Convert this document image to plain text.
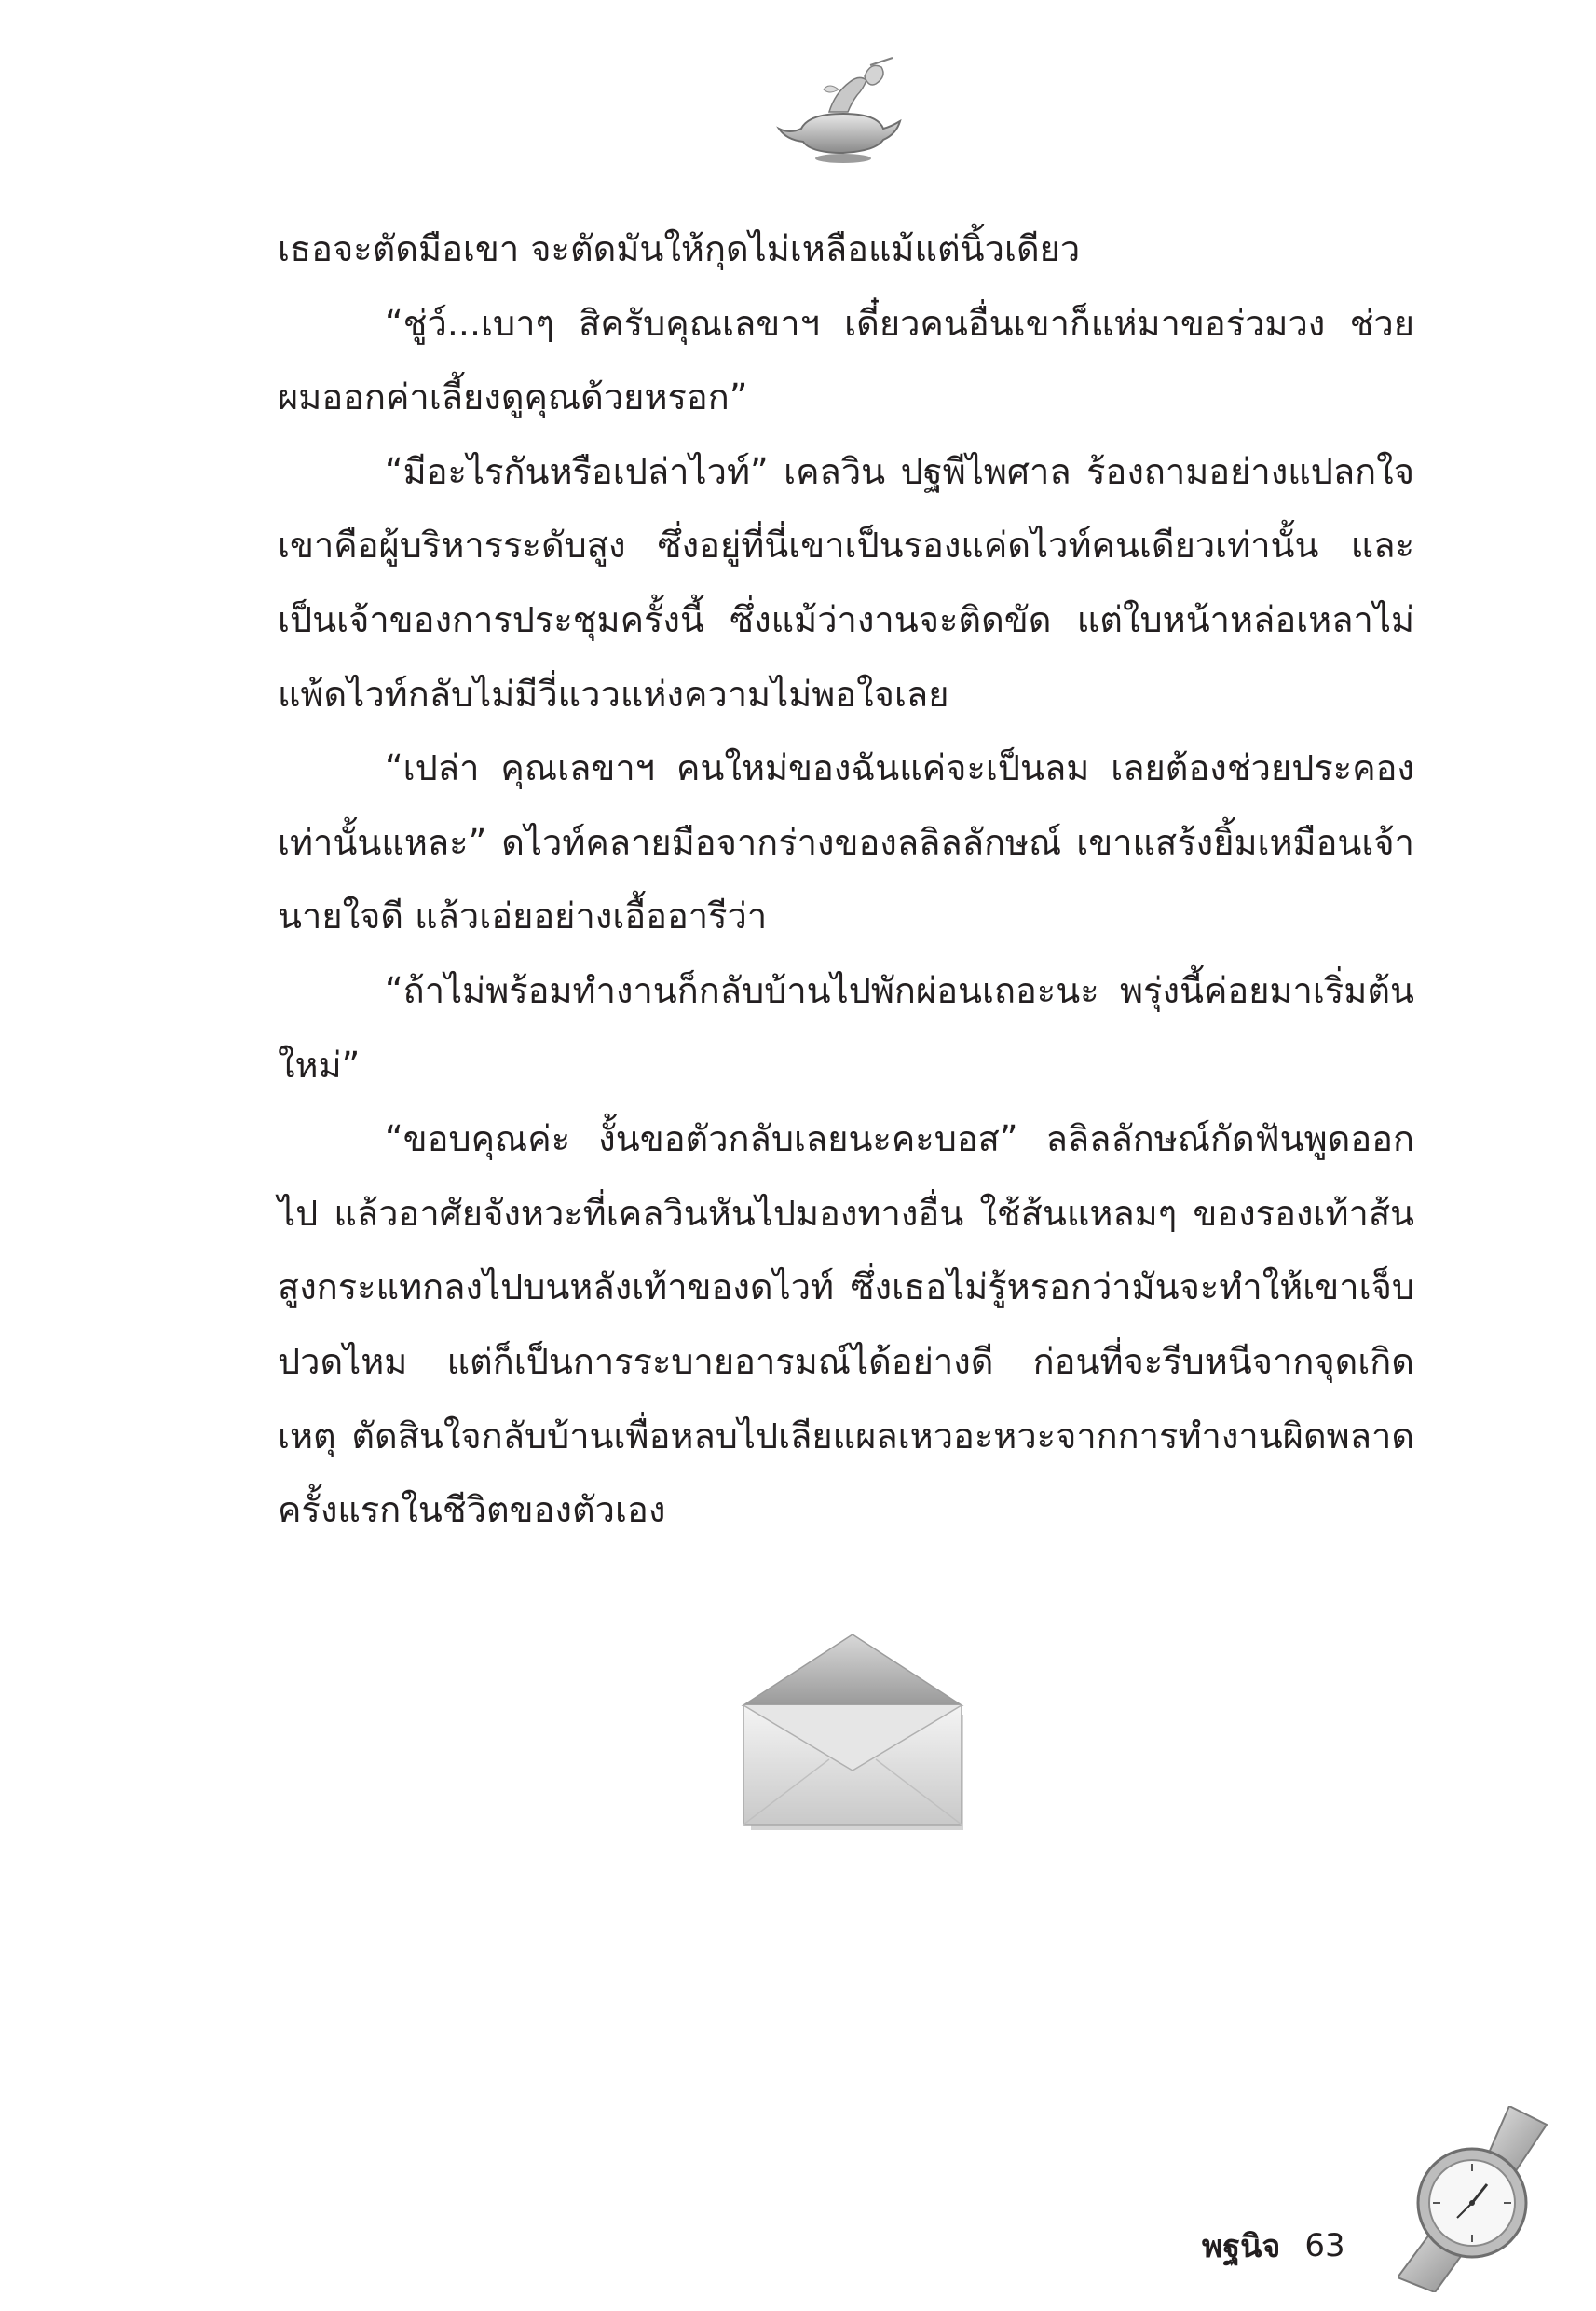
เธอจะตัดมือเขา จะตัดมันให้กุดไม่เหลือแม้แต่นิ้วเดียว

“ชู่ว์...เบาๆ สิครับคุณเลขาฯ เดี๋ยวคนอื่นเขาก็แห่มาขอร่วมวง ช่วยผมออกค่าเลี้ยงดูคุณด้วยหรอก”

“มีอะไรกันหรือเปล่าไวท์” เคลวิน ปฐพีไพศาล ร้องถามอย่างแปลกใจ เขาคือผู้บริหารระดับสูง ซึ่งอยู่ที่นี่เขาเป็นรองแค่ดไวท์คนเดียวเท่านั้น และเป็นเจ้าของการประชุมครั้งนี้ ซึ่งแม้ว่างานจะติดขัด แต่ใบหน้าหล่อเหลาไม่แพ้ดไวท์กลับไม่มีวี่แววแห่งความไม่พอใจเลย

“เปล่า คุณเลขาฯ คนใหม่ของฉันแค่จะเป็นลม เลยต้องช่วยประคองเท่านั้นแหละ” ดไวท์คลายมือจากร่างของลลิลลักษณ์ เขาแสร้งยิ้มเหมือนเจ้านายใจดี แล้วเอ่ยอย่างเอื้ออารีว่า

“ถ้าไม่พร้อมทำงานก็กลับบ้านไปพักผ่อนเถอะนะ พรุ่งนี้ค่อยมาเริ่มต้นใหม่”

“ขอบคุณค่ะ งั้นขอตัวกลับเลยนะคะบอส” ลลิลลักษณ์กัดฟันพูดออกไป แล้วอาศัยจังหวะที่เคลวินหันไปมองทางอื่น ใช้ส้นแหลมๆ ของรองเท้าส้นสูงกระแทกลงไปบนหลังเท้าของดไวท์ ซึ่งเธอไม่รู้หรอกว่ามันจะทำให้เขาเจ็บปวดไหม แต่ก็เป็นการระบายอารมณ์ได้อย่างดี ก่อนที่จะรีบหนีจากจุดเกิดเหตุ ตัดสินใจกลับบ้านเพื่อหลบไปเลียแผลเหวอะหวะจากการทำงานผิดพลาดครั้งแรกในชีวิตของตัวเอง

พฐนิจ 63
